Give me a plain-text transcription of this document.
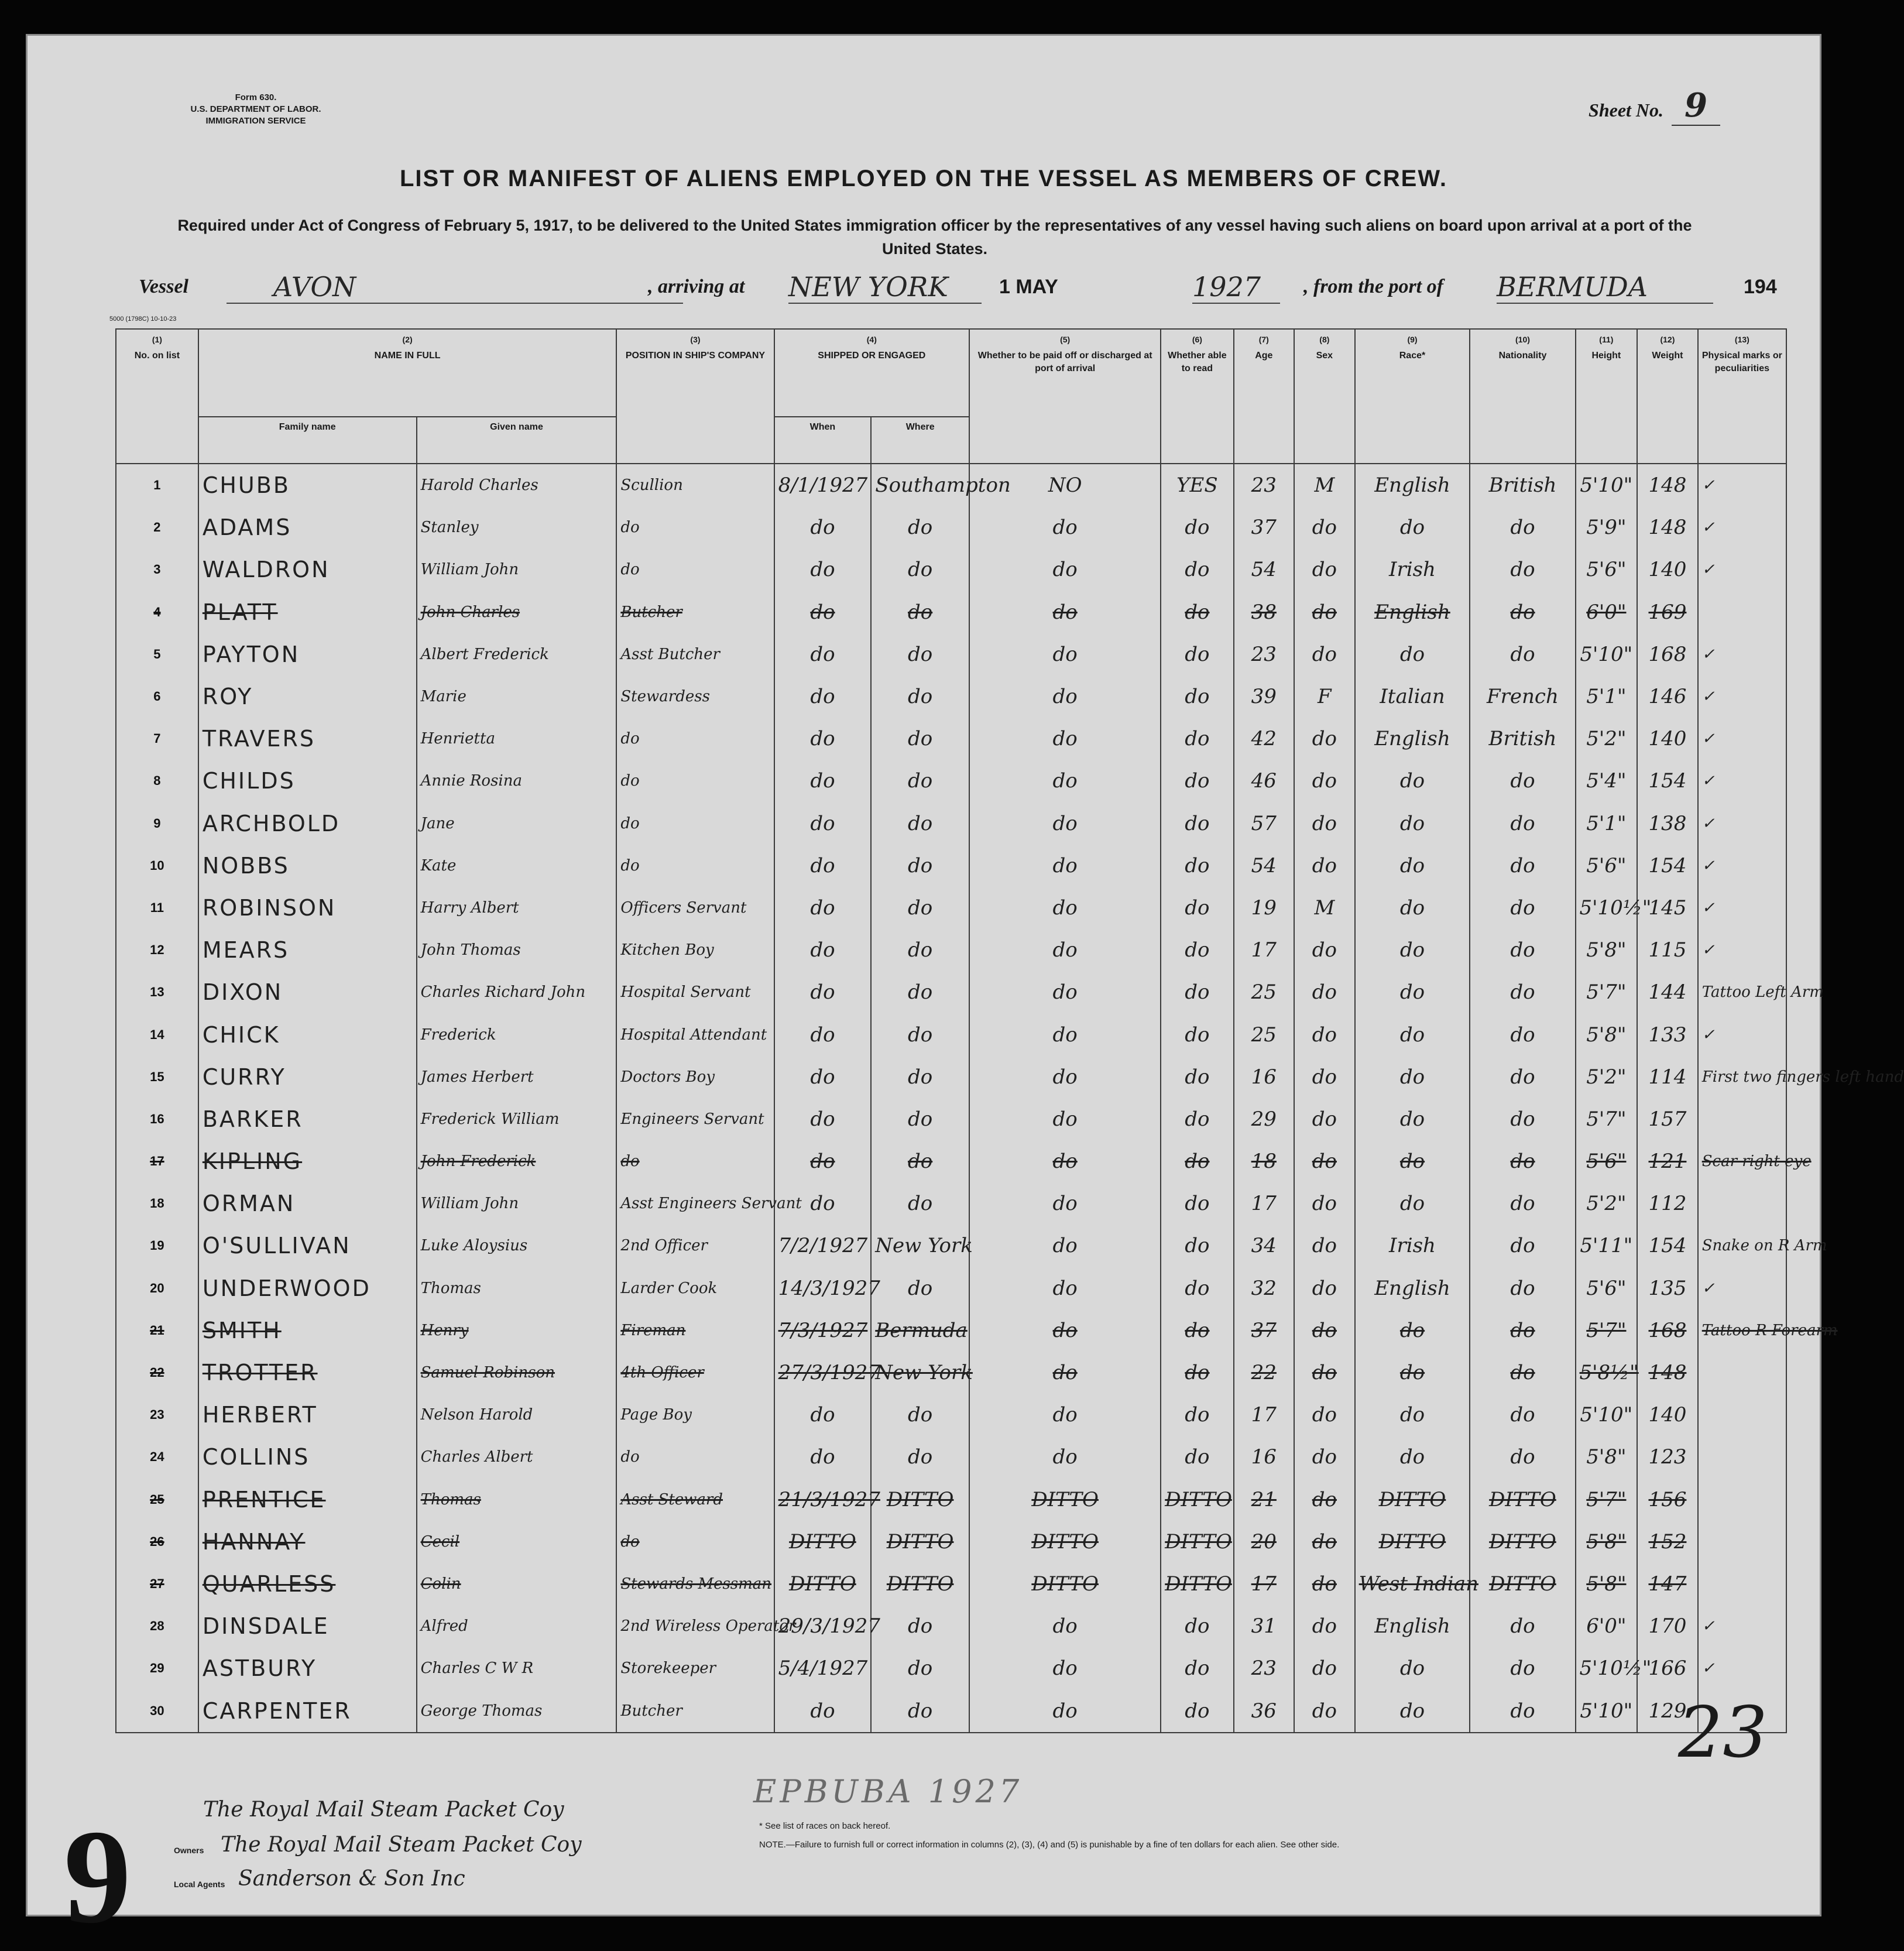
Form 630.
U.S. DEPARTMENT OF LABOR.
IMMIGRATION SERVICE
Sheet No. 9
LIST OR MANIFEST OF ALIENS EMPLOYED ON THE VESSEL AS MEMBERS OF CREW.
Required under Act of Congress of February 5, 1917, to be delivered to the United States immigration officer by the representatives of any vessel having such aliens on board upon arrival at a port of the United States.
Vessel	AVON	, arriving at NEW YORK	1 MAY	1927	, from the port of BERMUDA	194
5000 (1798C) 10-10-23
(1)
No. on list	(2)
NAME IN FULL		(3)
POSITION IN SHIP'S COMPANY	(4)
SHIPPED OR ENGAGED		(5)
Whether to be paid off or discharged at port of arrival	(6)
Whether able to read	(7)
Age	(8)
Sex	(9)
Race*	(10)
Nationality	(11)
Height	(12)
Weight	(13)
Physical marks or peculiarities
	Family name	Given name		When	Where									
1	CHUBB	Harold Charles	Scullion	8/1/1927	Southampton	NO	YES	23	M	English	British	5'10"	148	✓
2	ADAMS	Stanley	do	do	do	do	do	37	do	do	do	5'9"	148	✓
3	WALDRON	William John	do	do	do	do	do	54	do	Irish	do	5'6"	140	✓
4	PLATT	John Charles	Butcher	do	do	do	do	38	do	English	do	6'0"	169	
5	PAYTON	Albert Frederick	Asst Butcher	do	do	do	do	23	do	do	do	5'10"	168	✓
6	ROY	Marie	Stewardess	do	do	do	do	39	F	Italian	French	5'1"	146	✓
7	TRAVERS	Henrietta	do	do	do	do	do	42	do	English	British	5'2"	140	✓
8	CHILDS	Annie Rosina	do	do	do	do	do	46	do	do	do	5'4"	154	✓
9	ARCHBOLD	Jane	do	do	do	do	do	57	do	do	do	5'1"	138	✓
10	NOBBS	Kate	do	do	do	do	do	54	do	do	do	5'6"	154	✓
11	ROBINSON	Harry Albert	Officers Servant	do	do	do	do	19	M	do	do	5'10½"	145	✓
12	MEARS	John Thomas	Kitchen Boy	do	do	do	do	17	do	do	do	5'8"	115	✓
13	DIXON	Charles Richard John	Hospital Servant	do	do	do	do	25	do	do	do	5'7"	144	Tattoo Left Arm
14	CHICK	Frederick	Hospital Attendant	do	do	do	do	25	do	do	do	5'8"	133	✓
15	CURRY	James Herbert	Doctors Boy	do	do	do	do	16	do	do	do	5'2"	114	First two fingers left hand
16	BARKER	Frederick William	Engineers Servant	do	do	do	do	29	do	do	do	5'7"	157	
17	KIPLING	John Frederick	do	do	do	do	do	18	do	do	do	5'6"	121	Scar right eye
18	ORMAN	William John	Asst Engineers Servant	do	do	do	do	17	do	do	do	5'2"	112	
19	O'SULLIVAN	Luke Aloysius	2nd Officer	7/2/1927	New York	do	do	34	do	Irish	do	5'11"	154	Snake on R Arm
20	UNDERWOOD	Thomas	Larder Cook	14/3/1927	do	do	do	32	do	English	do	5'6"	135	✓
21	SMITH	Henry	Fireman	7/3/1927	Bermuda	do	do	37	do	do	do	5'7"	168	Tattoo R Forearm
22	TROTTER	Samuel Robinson	4th Officer	27/3/1927	New York	do	do	22	do	do	do	5'8½"	148	
23	HERBERT	Nelson Harold	Page Boy	do	do	do	do	17	do	do	do	5'10"	140	
24	COLLINS	Charles Albert	do	do	do	do	do	16	do	do	do	5'8"	123	
25	PRENTICE	Thomas	Asst Steward	21/3/1927	DITTO	DITTO	DITTO	21	do	DITTO	DITTO	5'7"	156	
26	HANNAY	Cecil	do	DITTO	DITTO	DITTO	DITTO	20	do	DITTO	DITTO	5'8"	152	
27	QUARLESS	Colin	Stewards Messman	DITTO	DITTO	DITTO	DITTO	17	do	West Indian	DITTO	5'8"	147	
28	DINSDALE	Alfred	2nd Wireless Operator	29/3/1927	do	do	do	31	do	English	do	6'0"	170	✓
29	ASTBURY	Charles C W R	Storekeeper	5/4/1927	do	do	do	23	do	do	do	5'10½"	166	✓
30	CARPENTER	George Thomas	Butcher	do	do	do	do	36	do	do	do	5'10"	129	
EPBUBA 1927
23
9	The Royal Mail Steam Packet Coy
Owners The Royal Mail Steam Packet Coy
Local Agents Sanderson & Son Inc
* See list of races on back hereof.
NOTE.—Failure to furnish full or correct information in columns (2), (3), (4) and (5) is punishable by a fine of ten dollars for each alien. See other side.
